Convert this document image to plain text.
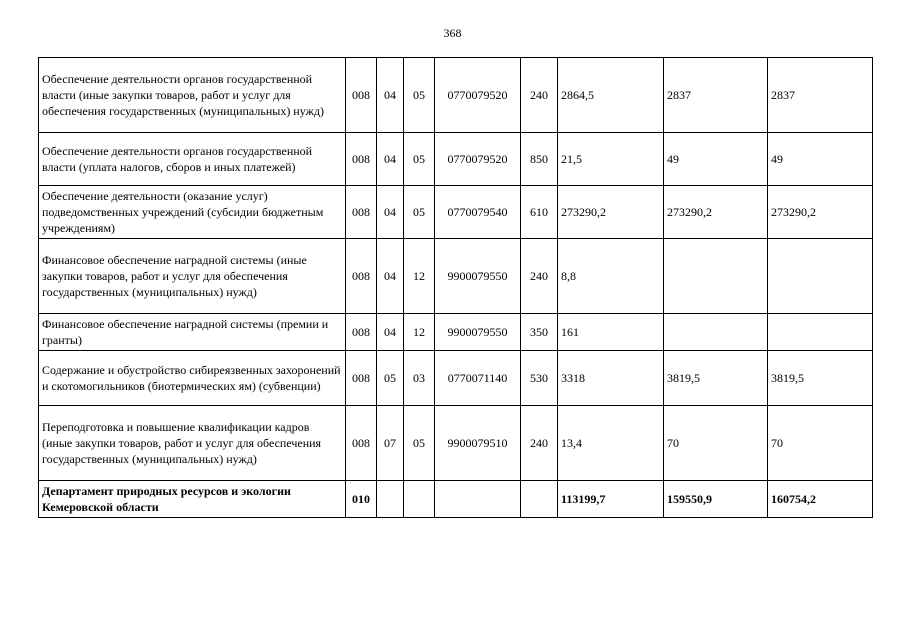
368
Обеспечение деятельности органов государственной власти (иные закупки товаров, работ и услуг для обеспечения государственных (муниципальных) нужд)	008	04	05	0770079520	240	2864,5	2837	2837
Обеспечение деятельности органов государственной власти (уплата налогов, сборов и иных платежей)	008	04	05	0770079520	850	21,5	49	49
Обеспечение деятельности (оказание услуг) подведомственных учреждений (субсидии бюджетным учреждениям)	008	04	05	0770079540	610	273290,2	273290,2	273290,2
Финансовое обеспечение наградной системы (иные закупки товаров, работ и услуг для обеспечения государственных (муниципальных) нужд)	008	04	12	9900079550	240	8,8		
Финансовое обеспечение наградной системы (премии и гранты)	008	04	12	9900079550	350	161		
Содержание и обустройство сибиреязвенных захоронений и скотомогильников (биотермических ям) (субвенции)	008	05	03	0770071140	530	3318	3819,5	3819,5
Переподготовка и повышение квалификации кадров (иные закупки товаров, работ и услуг для обеспечения государственных (муниципальных) нужд)	008	07	05	9900079510	240	13,4	70	70
Департамент природных ресурсов и экологии Кемеровской области	010					113199,7	159550,9	160754,2
